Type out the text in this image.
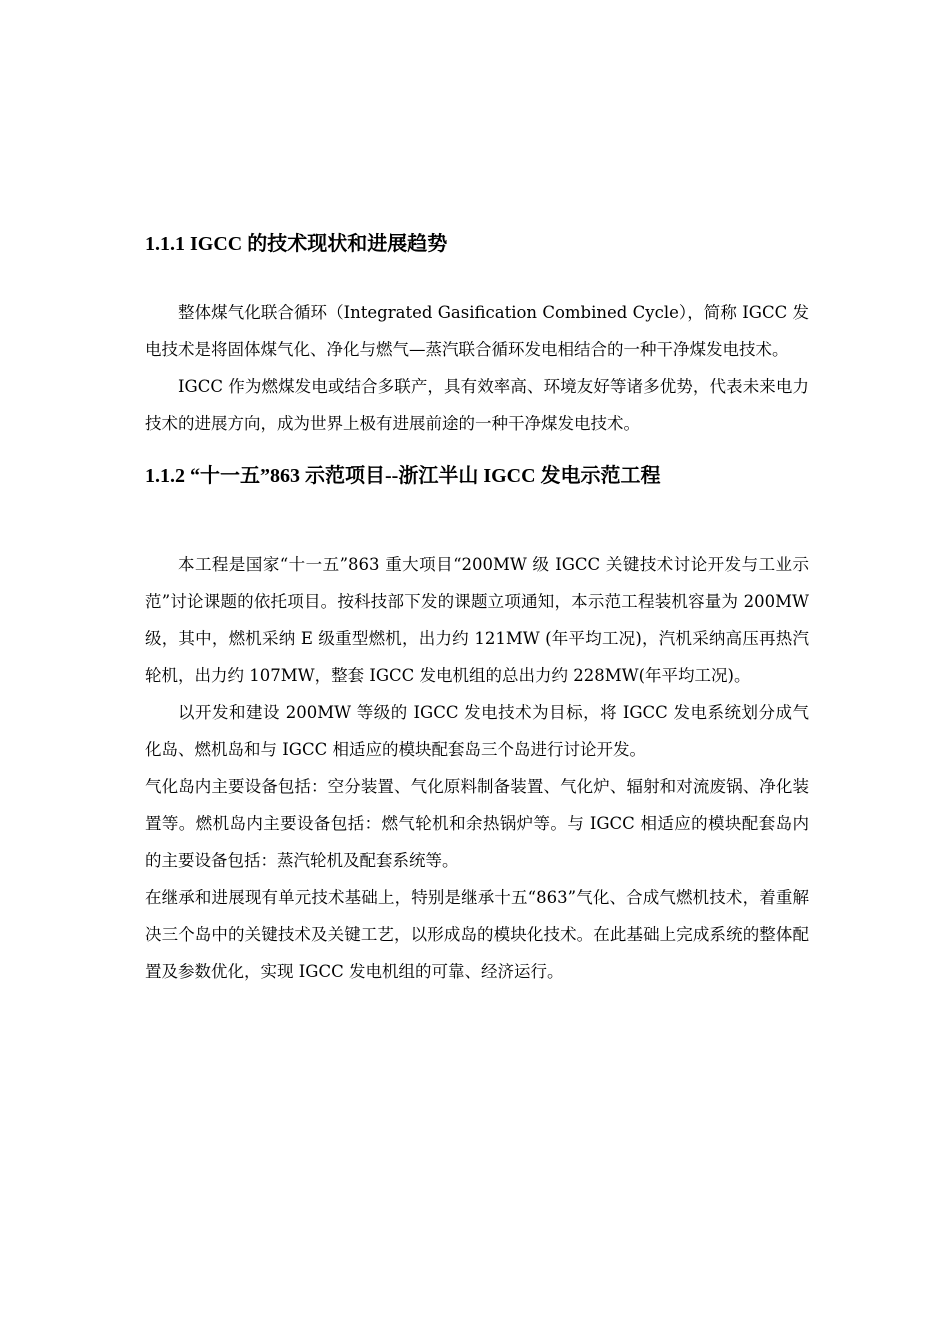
1.1.1 IGCC 的技术现状和进展趋势

整体煤气化联合循环（Integrated Gasification Combined Cycle），简称 IGCC 发电技术是将固体煤气化、净化与燃气—蒸汽联合循环发电相结合的一种干净煤发电技术。

IGCC 作为燃煤发电或结合多联产，具有效率高、环境友好等诸多优势，代表未来电力技术的进展方向，成为世界上极有进展前途的一种干净煤发电技术。

1.1.2 “十一五”863 示范项目--浙江半山 IGCC 发电示范工程

本工程是国家“十一五”863 重大项目“200MW 级 IGCC 关键技术讨论开发与工业示范”讨论课题的依托项目。按科技部下发的课题立项通知，本示范工程装机容量为 200MW 级，其中，燃机采纳 E 级重型燃机，出力约 121MW (年平均工况)，汽机采纳高压再热汽轮机，出力约 107MW，整套 IGCC 发电机组的总出力约 228MW(年平均工况)。

以开发和建设 200MW 等级的 IGCC 发电技术为目标，将 IGCC 发电系统划分成气化岛、燃机岛和与 IGCC 相适应的模块配套岛三个岛进行讨论开发。

气化岛内主要设备包括：空分装置、气化原料制备装置、气化炉、辐射和对流废锅、净化装置等。燃机岛内主要设备包括：燃气轮机和余热锅炉等。与 IGCC 相适应的模块配套岛内的主要设备包括：蒸汽轮机及配套系统等。

在继承和进展现有单元技术基础上，特别是继承十五“863”气化、合成气燃机技术，着重解决三个岛中的关键技术及关键工艺，以形成岛的模块化技术。在此基础上完成系统的整体配置及参数优化，实现 IGCC 发电机组的可靠、经济运行。
